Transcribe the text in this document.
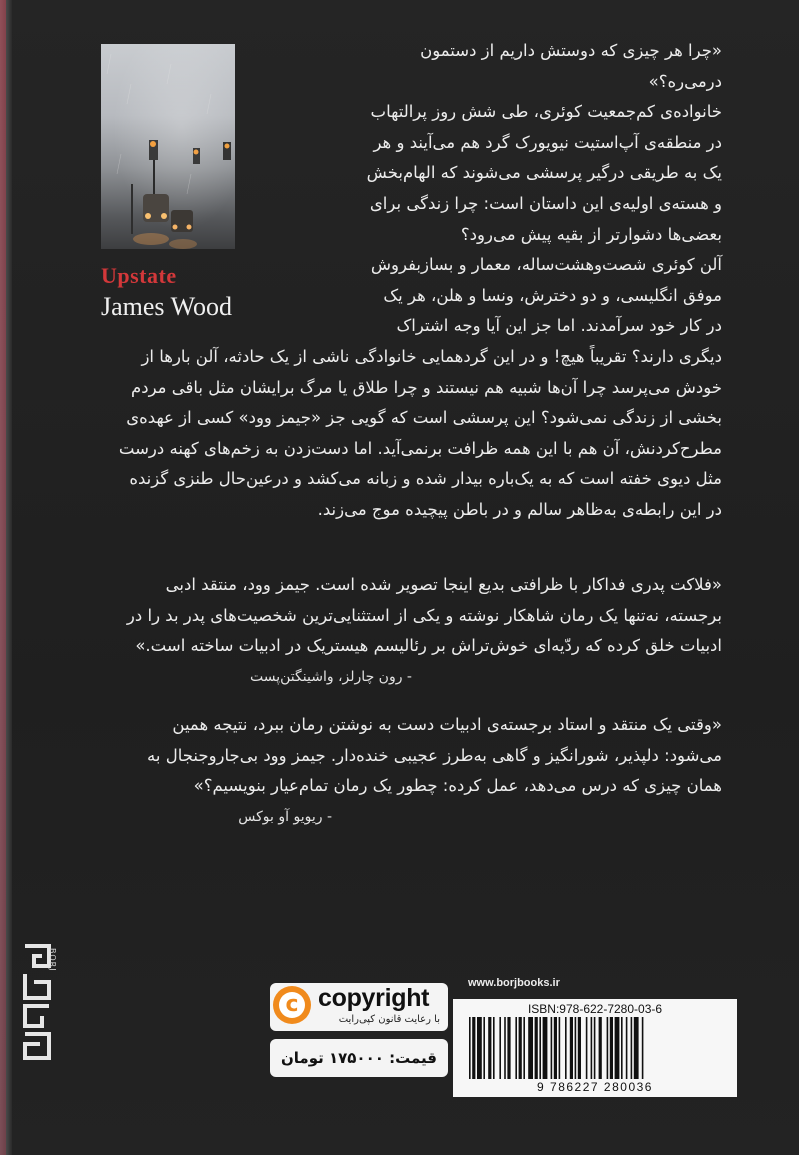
Upstate
James Wood
«چرا هر چیزی که دوستش داریم از دستمون
درمی‌ره؟»
خانواده‌ی کم‌جمعیت کوئری، طی شش روز پرالتهاب
در منطقه‌ی آپ‌استیت نیویورک گرد هم می‌آیند و هر
یک به طریقی درگیر پرسشی می‌شوند که الهام‌بخش
و هسته‌ی اولیه‌ی این داستان است: چرا زندگی برای
بعضی‌ها دشوارتر از بقیه پیش می‌رود؟
آلن کوئری شصت‌وهشت‌ساله، معمار و بسازبفروش
موفق انگلیسی، و دو دخترش، ونسا و هلن، هر یک
در کار خود سرآمدند. اما جز این آیا وجه اشتراک
دیگری دارند؟ تقریباً هیچ! و در این گردهمایی خانوادگی ناشی از یک حادثه، آلن بارها از
خودش می‌پرسد چرا آن‌ها شبیه هم نیستند و چرا طلاق یا مرگ برایشان مثل باقی مردم
بخشی از زندگی نمی‌شود؟ این پرسشی است که گویی جز «جیمز وود» کسی از عهده‌ی
مطرح‌کردنش، آن هم با این همه ظرافت برنمی‌آید. اما دست‌زدن به زخم‌های کهنه درست
مثل دیوی خفته است که به یک‌باره بیدار شده و زبانه می‌کشد و درعین‌حال طنزی گزنده
در این رابطه‌ی به‌ظاهر سالم و در باطن پیچیده موج می‌زند.
«فلاکت پدری فداکار با ظرافتی بدیع اینجا تصویر شده است. جیمز وود، منتقد ادبی
برجسته، نه‌تنها یک رمان شاهکار نوشته و یکی از استثنایی‌ترین شخصیت‌های پدر بد را در
ادبیات خلق کرده که ردّیه‌ای خوش‌تراش بر رئالیسم هیستریک در ادبیات ساخته است.»
- رون چارلز، واشینگتن‌پست
«وقتی یک منتقد و استاد برجسته‌ی ادبیات دست به نوشتن رمان ببرد، نتیجه همین
می‌شود: دلپذیر، شورانگیز و گاهی به‌طرز عجیبی خنده‌دار. جیمز وود بی‌جاروجنجال به
همان چیزی که درس می‌دهد، عمل کرده: چطور یک رمان تمام‌عیار بنویسیم؟»
- ریویو آو بوکس
BORJ
c copyright
با رعایت قانون کپی‌رایت
قیمت: ۱۷۵۰۰۰ تومان
www.borjbooks.ir
ISBN:978-622-7280-03-6
9 786227 280036
